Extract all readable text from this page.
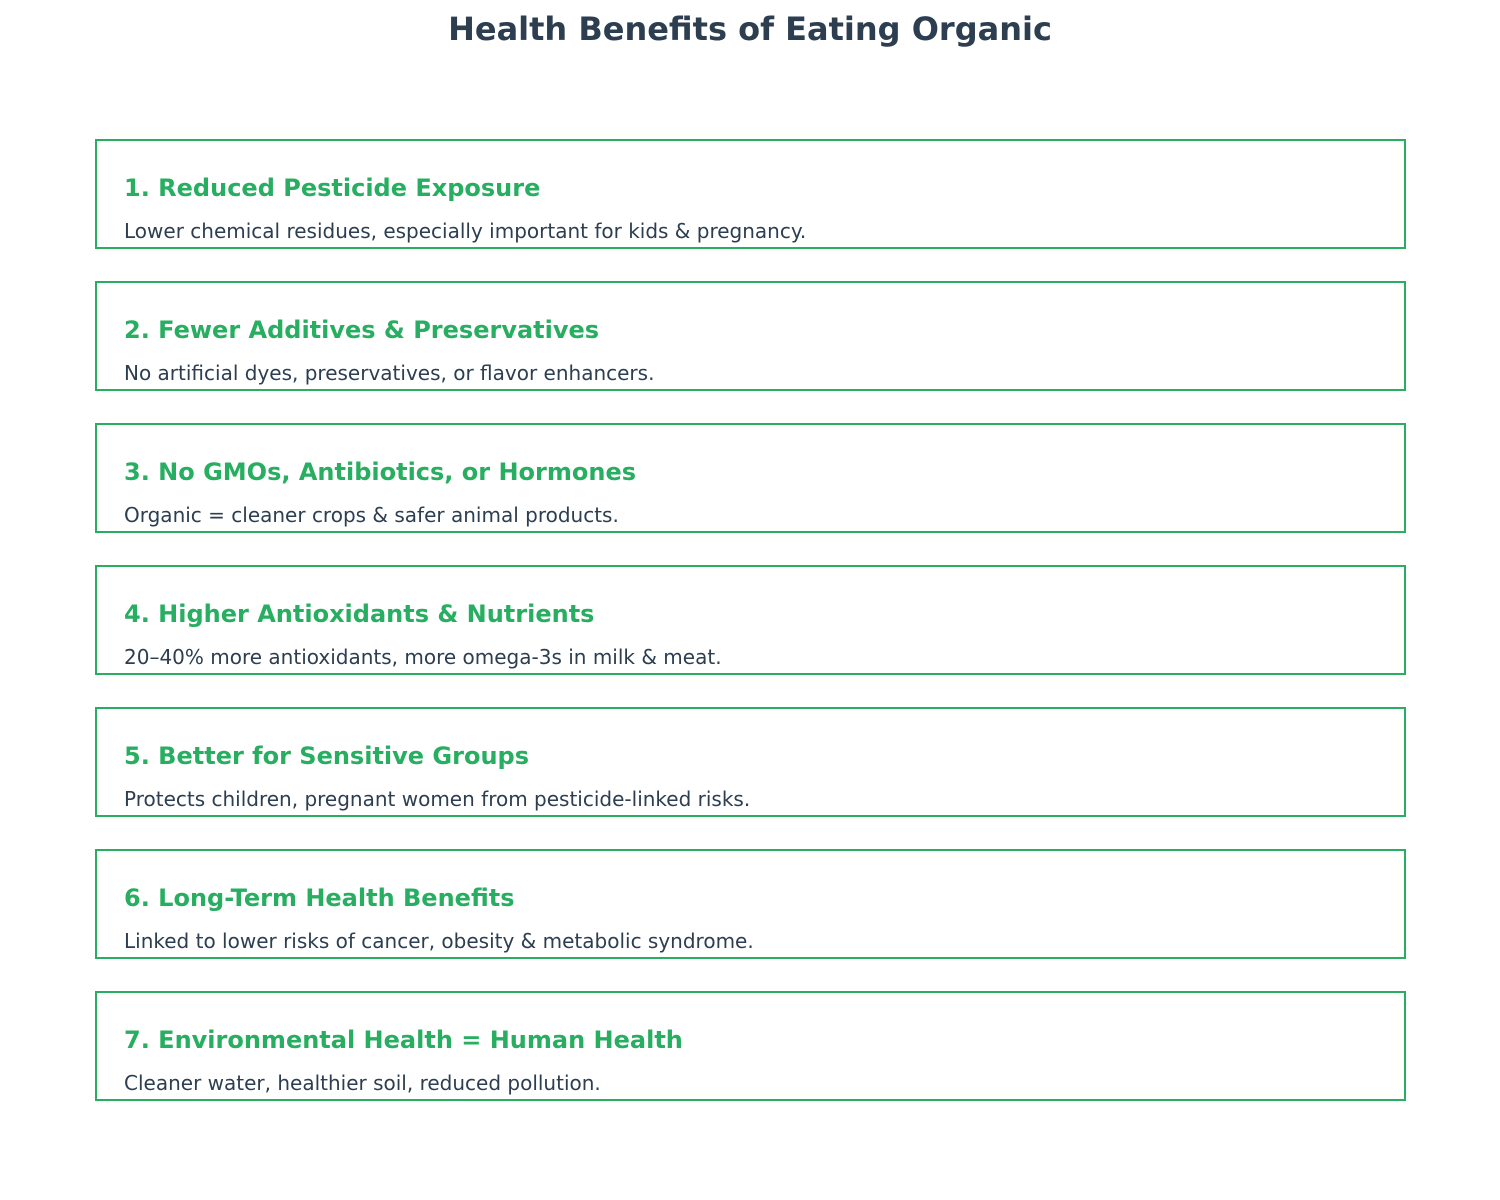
Health Benefits of Eating Organic
1. Reduced Pesticide Exposure
Lower chemical residues, especially important for kids & pregnancy.
2. Fewer Additives & Preservatives
No artificial dyes, preservatives, or flavor enhancers.
3. No GMOs, Antibiotics, or Hormones
Organic = cleaner crops & safer animal products.
4. Higher Antioxidants & Nutrients
20–40% more antioxidants, more omega-3s in milk & meat.
5. Better for Sensitive Groups
Protects children, pregnant women from pesticide-linked risks.
6. Long-Term Health Benefits
Linked to lower risks of cancer, obesity & metabolic syndrome.
7. Environmental Health = Human Health
Cleaner water, healthier soil, reduced pollution.
